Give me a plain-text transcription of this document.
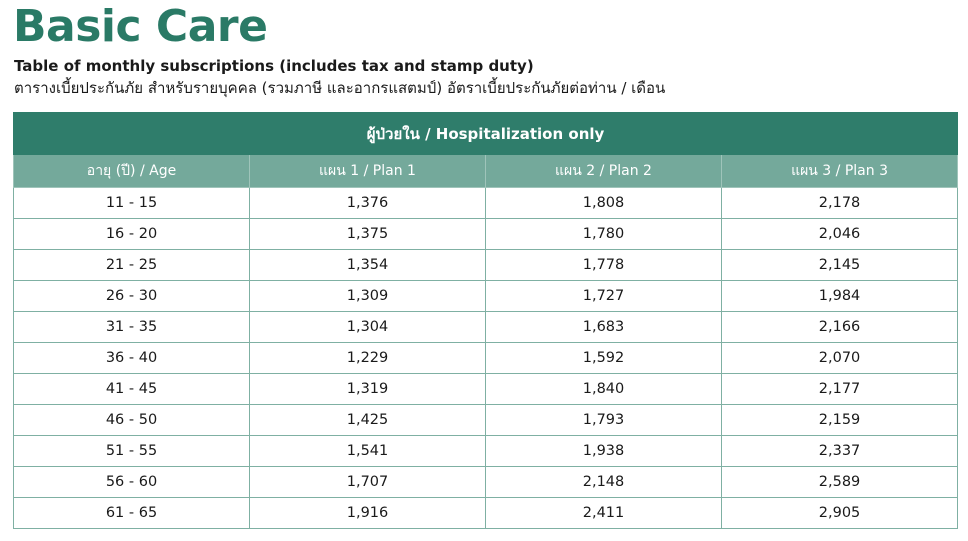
Basic Care
Table of monthly subscriptions (includes tax and stamp duty)
ตารางเบี้ยประกันภัย สำหรับรายบุคคล (รวมภาษี และอากรแสตมป์) อัตราเบี้ยประกันภัยต่อท่าน / เดือน
ผู้ป่วยใน / Hospitalization only			
อายุ (ปี) / Age	แผน 1 / Plan 1	แผน 2 / Plan 2	แผน 3 / Plan 3
11 - 15	1,376	1,808	2,178
16 - 20	1,375	1,780	2,046
21 - 25	1,354	1,778	2,145
26 - 30	1,309	1,727	1,984
31 - 35	1,304	1,683	2,166
36 - 40	1,229	1,592	2,070
41 - 45	1,319	1,840	2,177
46 - 50	1,425	1,793	2,159
51 - 55	1,541	1,938	2,337
56 - 60	1,707	2,148	2,589
61 - 65	1,916	2,411	2,905
